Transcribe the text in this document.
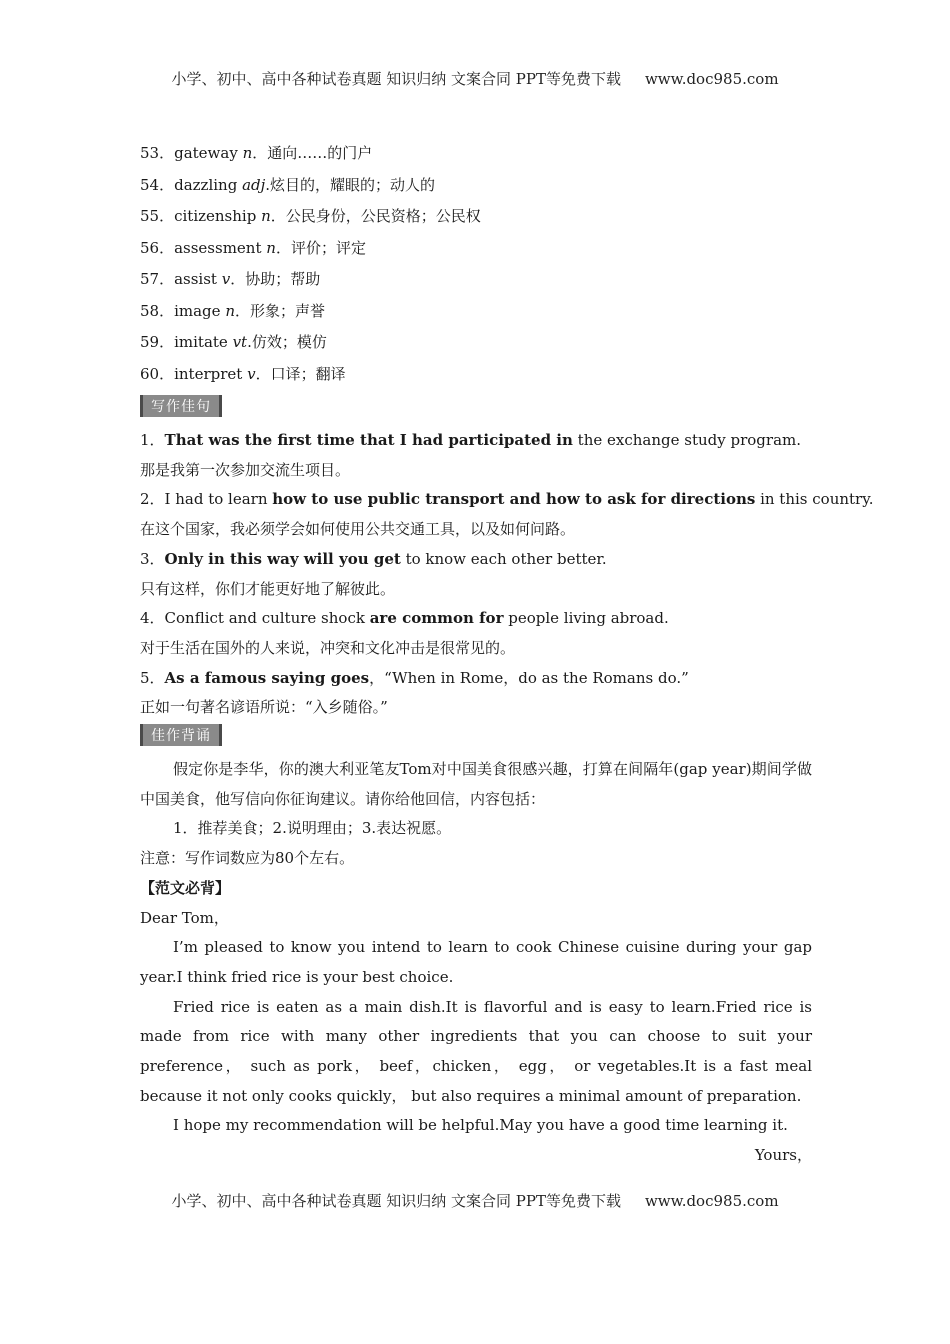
小学、初中、高中各种试卷真题 知识归纳 文案合同 PPT等免费下载 www.doc985.com
53．gateway n．通向……的门户
54．dazzling adj.炫目的，耀眼的；动人的
55．citizenship n．公民身份，公民资格；公民权
56．assessment n．评价；评定
57．assist v．协助；帮助
58．image n．形象；声誉
59．imitate vt.仿效；模仿
60．interpret v．口译；翻译
写作佳句
1．That was the first time that I had participated in the exchange study program.
那是我第一次参加交流生项目。
2．I had to learn how to use public transport and how to ask for directions in this country.
在这个国家，我必须学会如何使用公共交通工具，以及如何问路。
3．Only in this way will you get to know each other better.
只有这样，你们才能更好地了解彼此。
4．Conflict and culture shock are common for people living abroad.
对于生活在国外的人来说，冲突和文化冲击是很常见的。
5．As a famous saying goes，“When in Rome，do as the Romans do.”
正如一句著名谚语所说：“入乡随俗。”
佳作背诵
假定你是李华，你的澳大利亚笔友Tom对中国美食很感兴趣，打算在间隔年(gap year)期间学做中国美食，他写信向你征询建议。请你给他回信，内容包括：
1．推荐美食；2.说明理由；3.表达祝愿。
注意：写作词数应为80个左右。
【范文必背】
Dear Tom，
I’m pleased to know you intend to learn to cook Chinese cuisine during your gap year.I think fried rice is your best choice.
Fried rice is eaten as a main dish.It is flavorful and is easy to learn.Fried rice is made from rice with many other ingredients that you can choose to suit your preference， such as pork， beef，chicken， egg， or vegetables.It is a fast meal because it not only cooks quickly， but also requires a minimal amount of preparation.
I hope my recommendation will be helpful.May you have a good time learning it.
Yours，
小学、初中、高中各种试卷真题 知识归纳 文案合同 PPT等免费下载 www.doc985.com
